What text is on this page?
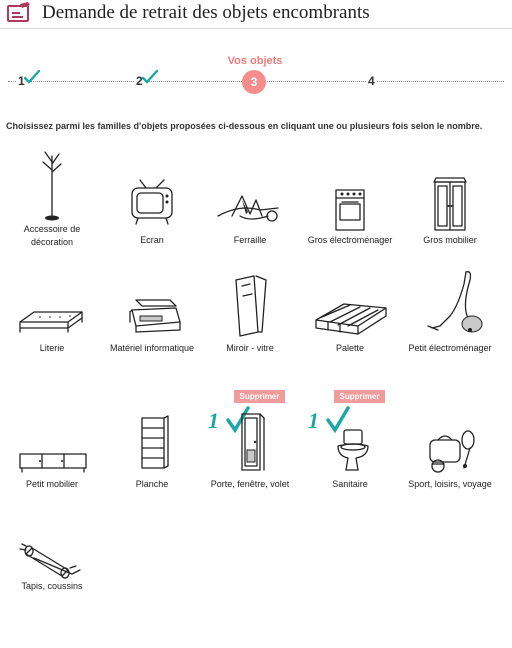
Demande de retrait des objets encombrants
Vos objets
1	2	3	4
Choisissez parmi les familles d'objets proposées ci-dessous en cliquant une ou plusieurs fois selon le nombre.
Accessoire de
décoration	Ecran	Ferraille	Gros électroménager	Gros mobilier
Literie	Matériel informatique	Miroir - vitre	Palette	Petit électroménager
Petit mobilier	Planche
Supprimer
1
Porte, fenêtre, volet
Supprimer
1
Sanitaire	Sport, loisirs, voyage
Tapis, coussins
